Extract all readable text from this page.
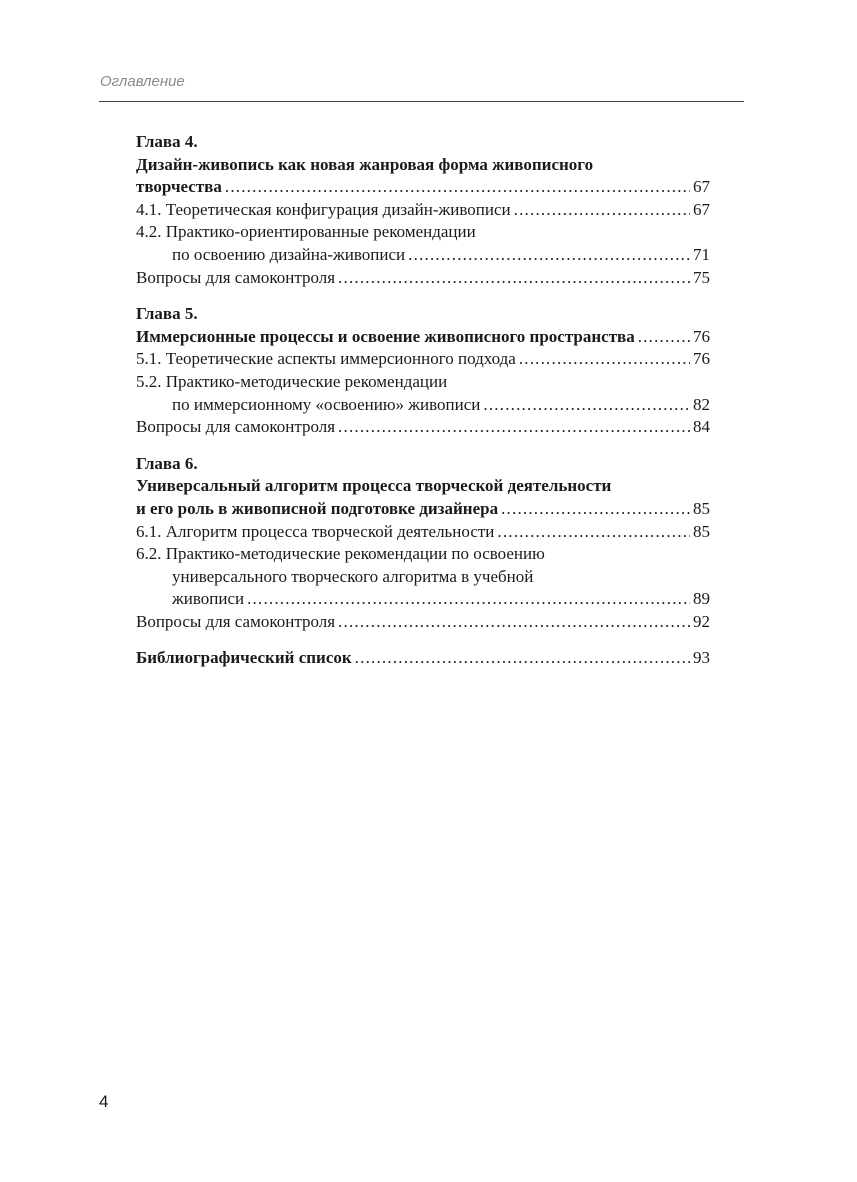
Оглавление
Глава 4.
Дизайн-живопись как новая жанровая форма живописного
творчества .....	67
4.1. Теоретическая конфигурация дизайн-живописи .....	67
4.2. Практико-ориентированные рекомендации
по освоению дизайна-живописи .....	71
Вопросы для самоконтроля .....	75
Глава 5.
Иммерсионные процессы и освоение живописного пространства .....	76
5.1. Теоретические аспекты иммерсионного подхода .....	76
5.2. Практико-методические рекомендации
по иммерсионному «освоению» живописи .....	82
Вопросы для самоконтроля .....	84
Глава 6.
Универсальный алгоритм процесса творческой деятельности
и его роль в живописной подготовке дизайнера .....	85
6.1. Алгоритм процесса творческой деятельности .....	85
6.2. Практико-методические рекомендации по освоению
универсального творческого алгоритма в учебной
живописи .....	89
Вопросы для самоконтроля .....	92
Библиографический список .....	93
4
